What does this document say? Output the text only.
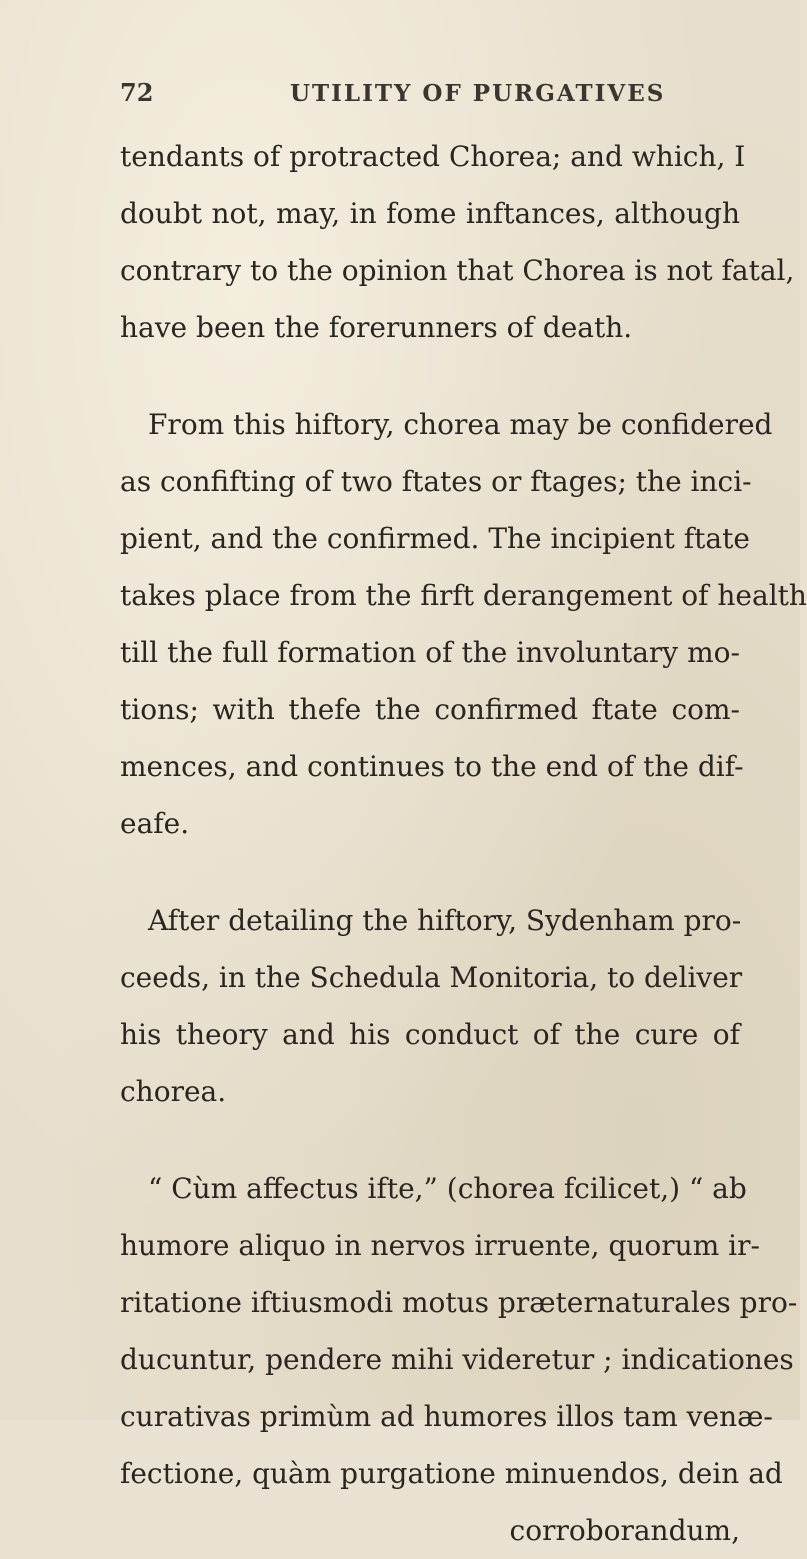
72	UTILITY OF PURGATIVES
tendants of protracted Chorea; and which, I
doubt not, may, in fome inftances, although
contrary to the opinion that Chorea is not fatal,
have been the forerunners of death.
From this hiftory, chorea may be confidered
as confifting of two ftates or ftages; the inci-
pient, and the confirmed. The incipient ftate
takes place from the firft derangement of health
till the full formation of the involuntary mo-
tions; with thefe the confirmed ftate com-
mences, and continues to the end of the dif-
eafe.
After detailing the hiftory, Sydenham pro-
ceeds, in the Schedula Monitoria, to deliver
his theory and his conduct of the cure of
chorea.
“ Cùm affectus ifte,” (chorea fcilicet,) “ ab
humore aliquo in nervos irruente, quorum ir-
ritatione iftiusmodi motus præternaturales pro-
ducuntur, pendere mihi videretur ; indicationes
curativas primùm ad humores illos tam venæ-
fectione, quàm purgatione minuendos, dein ad
corroborandum,
